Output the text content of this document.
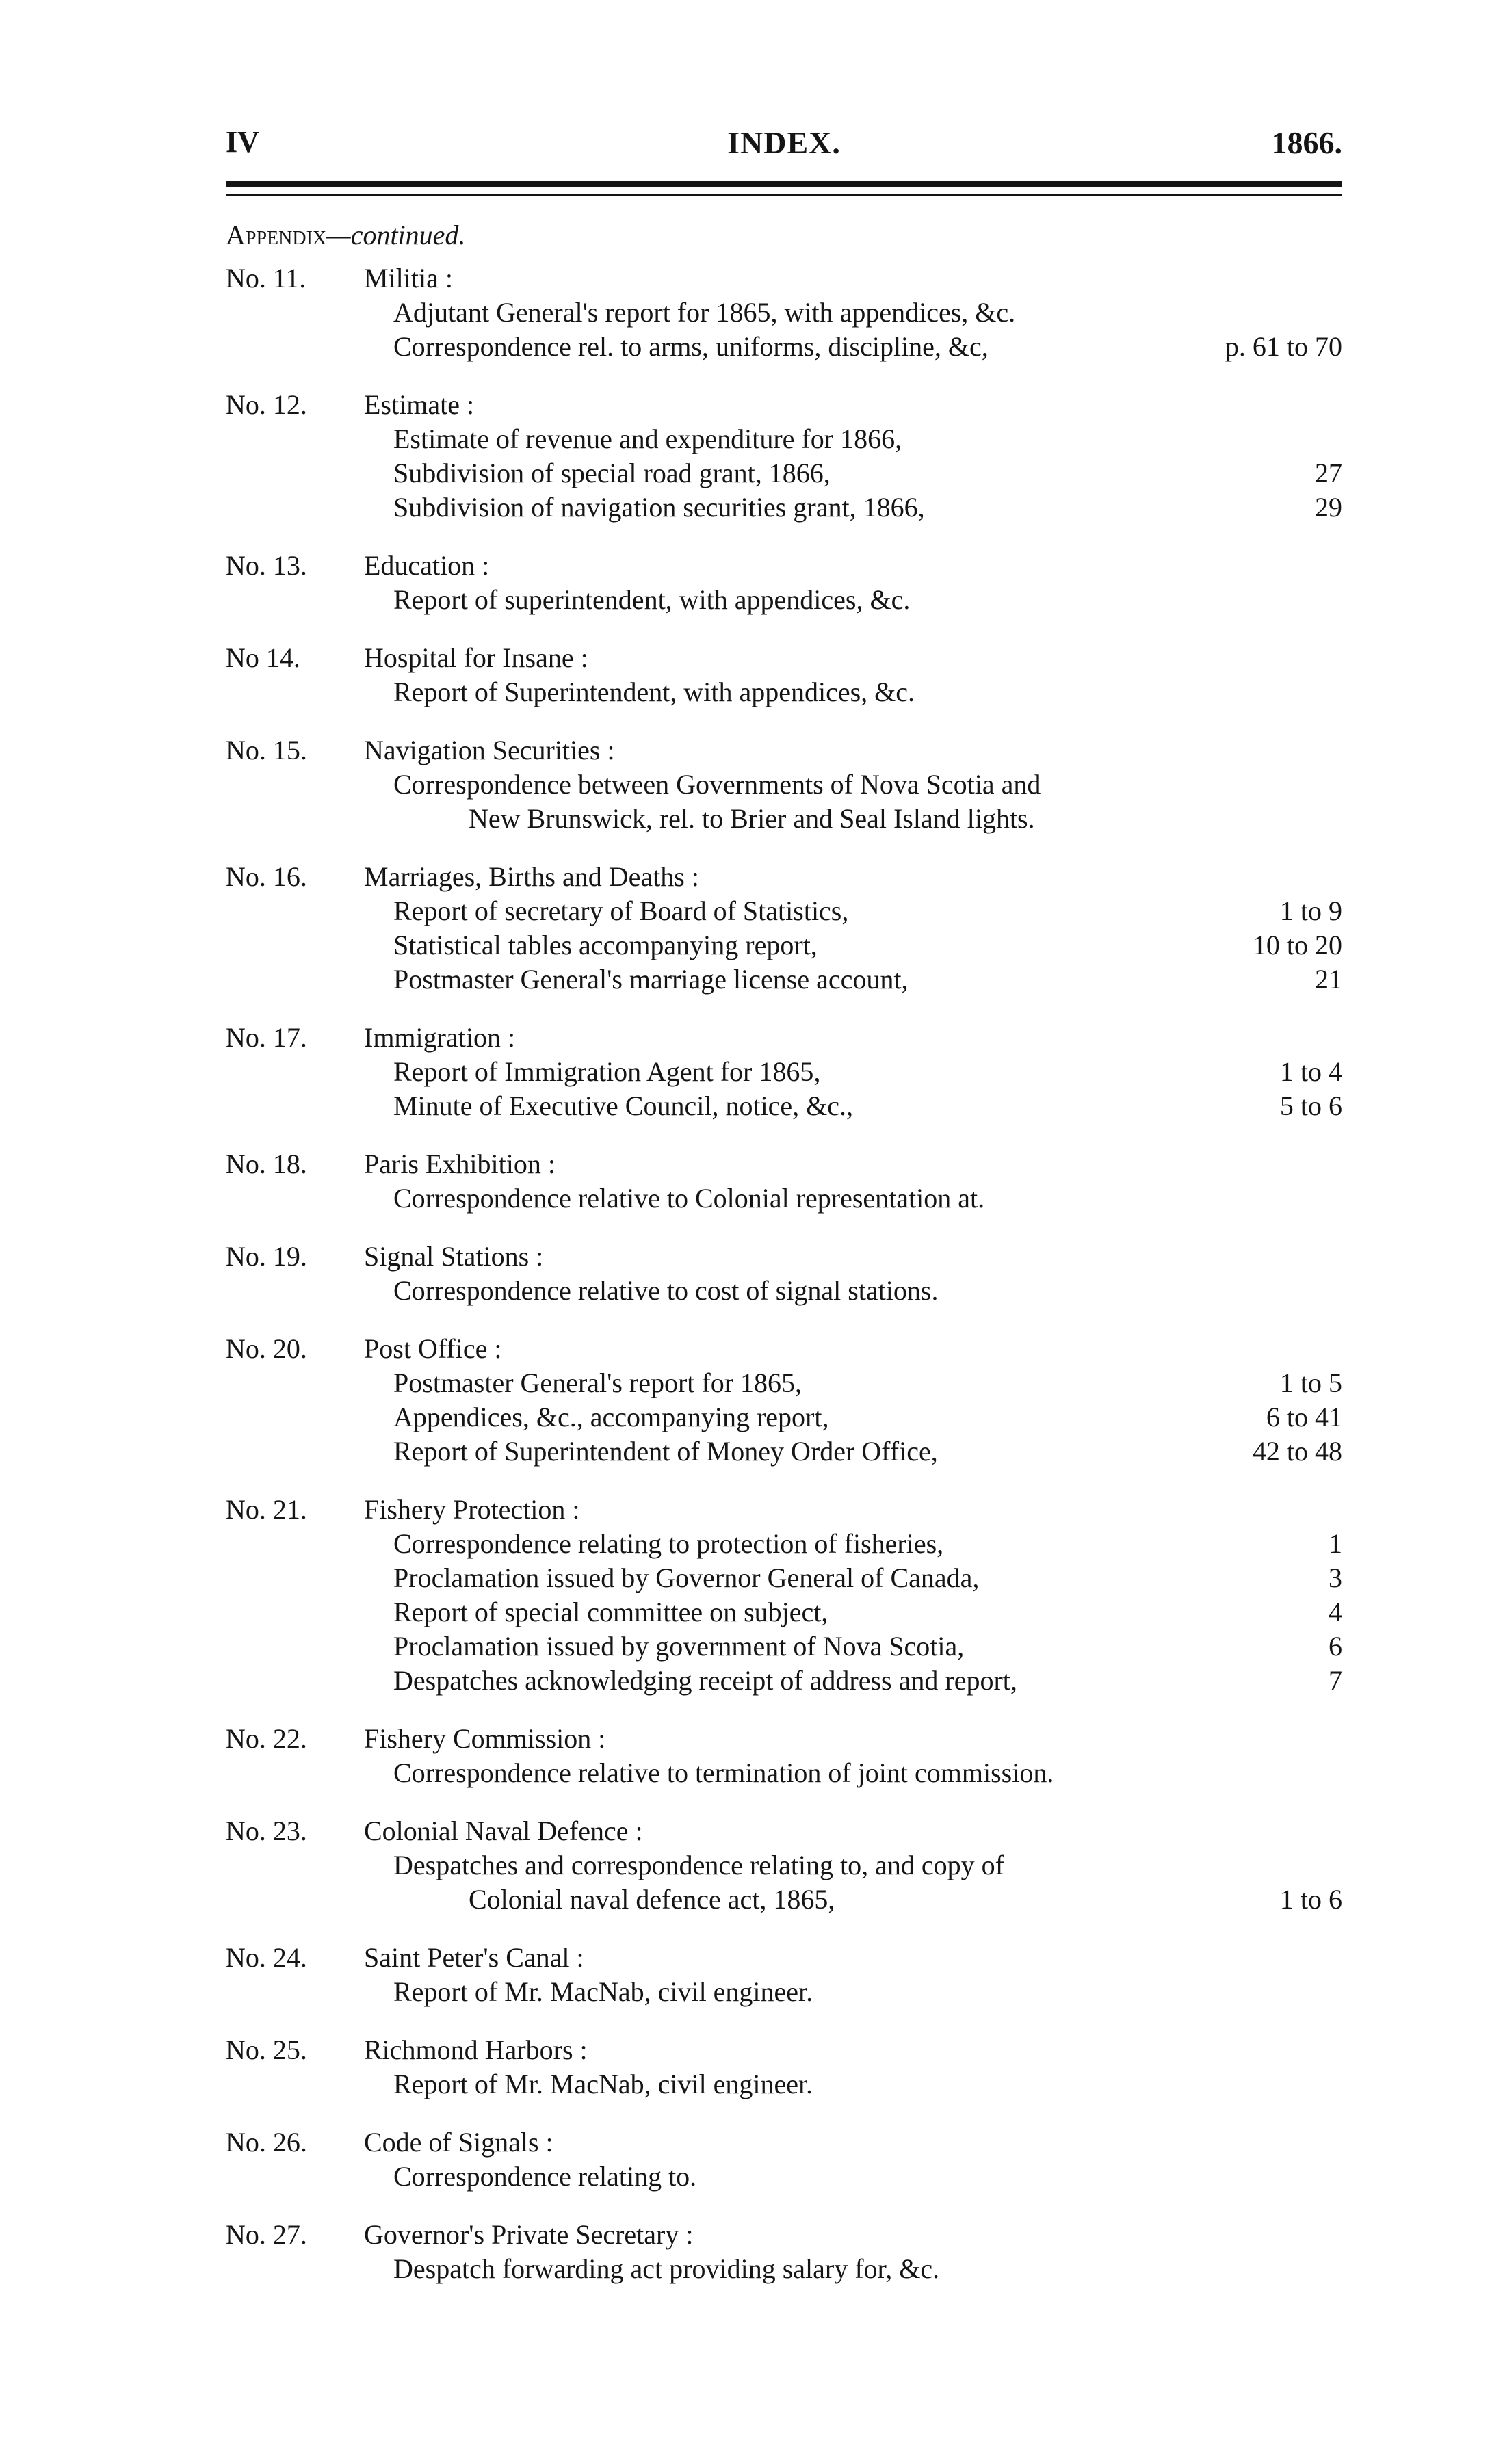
IV	INDEX.	1866.
Appendix—continued.
No. 11. Militia :
Adjutant General's report for 1865, with appendices, &c.
Correspondence rel. to arms, uniforms, discipline, &c,	p. 61 to 70
No. 12. Estimate :
Estimate of revenue and expenditure for 1866,
Subdivision of special road grant, 1866,	27
Subdivision of navigation securities grant, 1866,	29
No. 13. Education :
Report of superintendent, with appendices, &c.
No 14. Hospital for Insane :
Report of Superintendent, with appendices, &c.
No. 15. Navigation Securities :
Correspondence between Governments of Nova Scotia and
New Brunswick, rel. to Brier and Seal Island lights.
No. 16. Marriages, Births and Deaths :
Report of secretary of Board of Statistics,	1 to 9
Statistical tables accompanying report,	10 to 20
Postmaster General's marriage license account,	21
No. 17. Immigration :
Report of Immigration Agent for 1865,	1 to 4
Minute of Executive Council, notice, &c.,	5 to 6
No. 18. Paris Exhibition :
Correspondence relative to Colonial representation at.
No. 19. Signal Stations :
Correspondence relative to cost of signal stations.
No. 20. Post Office :
Postmaster General's report for 1865,	1 to 5
Appendices, &c., accompanying report,	6 to 41
Report of Superintendent of Money Order Office,	42 to 48
No. 21. Fishery Protection :
Correspondence relating to protection of fisheries,	1
Proclamation issued by Governor General of Canada,	3
Report of special committee on subject,	4
Proclamation issued by government of Nova Scotia,	6
Despatches acknowledging receipt of address and report,	7
No. 22. Fishery Commission :
Correspondence relative to termination of joint commission.
No. 23. Colonial Naval Defence :
Despatches and correspondence relating to, and copy of
Colonial naval defence act, 1865,	1 to 6
No. 24. Saint Peter's Canal :
Report of Mr. MacNab, civil engineer.
No. 25. Richmond Harbors :
Report of Mr. MacNab, civil engineer.
No. 26. Code of Signals :
Correspondence relating to.
No. 27. Governor's Private Secretary :
Despatch forwarding act providing salary for, &c.
